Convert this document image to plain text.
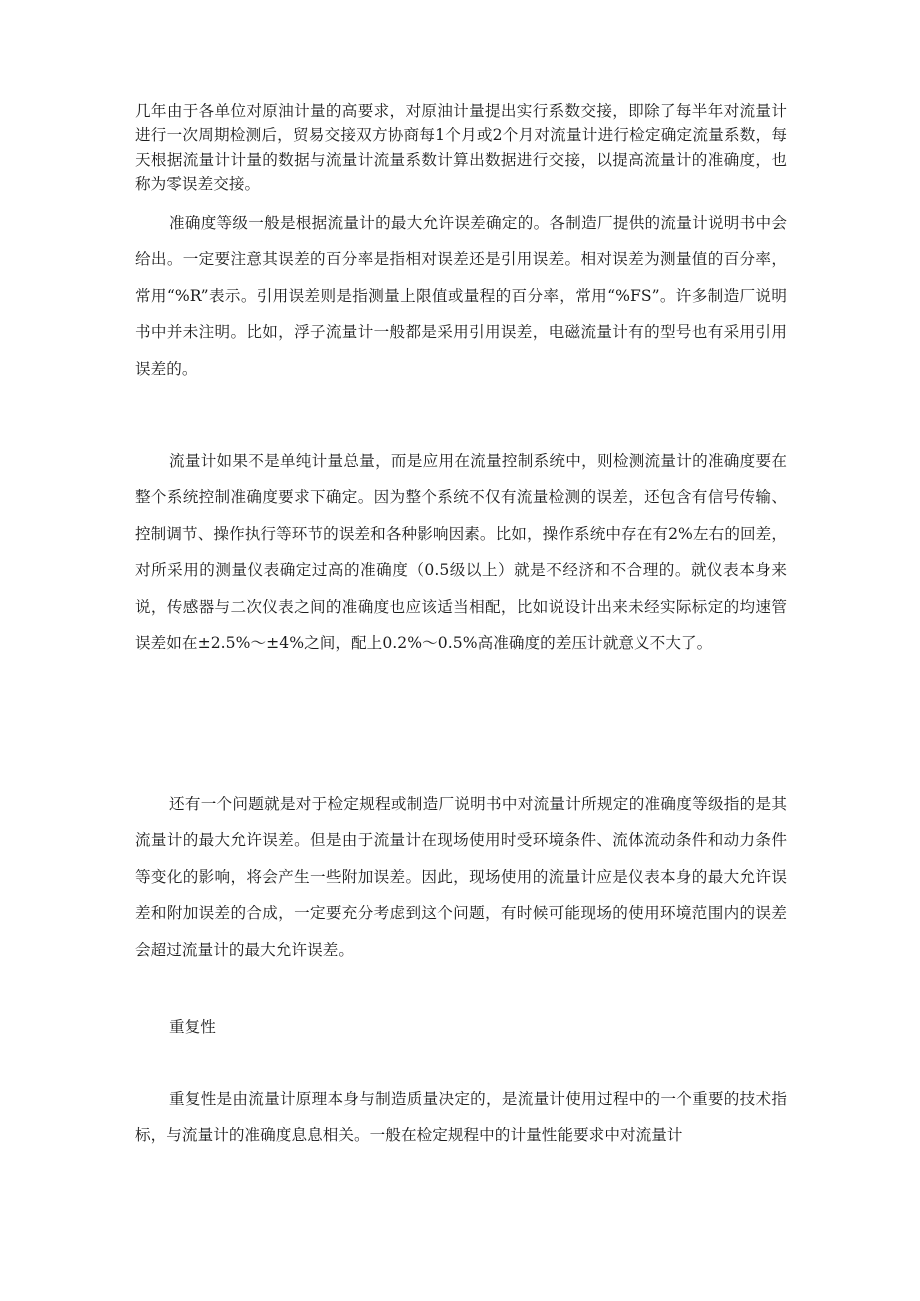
几年由于各单位对原油计量的高要求，对原油计量提出实行系数交接，即除了每半年对流量计进行一次周期检测后，贸易交接双方协商每1个月或2个月对流量计进行检定确定流量系数，每天根据流量计计量的数据与流量计流量系数计算出数据进行交接，以提高流量计的准确度，也称为零误差交接。

准确度等级一般是根据流量计的最大允许误差确定的。各制造厂提供的流量计说明书中会给出。一定要注意其误差的百分率是指相对误差还是引用误差。相对误差为测量值的百分率，常用“%R”表示。引用误差则是指测量上限值或量程的百分率，常用“%FS”。许多制造厂说明书中并未注明。比如，浮子流量计一般都是采用引用误差，电磁流量计有的型号也有采用引用误差的。

流量计如果不是单纯计量总量，而是应用在流量控制系统中，则检测流量计的准确度要在整个系统控制准确度要求下确定。因为整个系统不仅有流量检测的误差，还包含有信号传输、控制调节、操作执行等环节的误差和各种影响因素。比如，操作系统中存在有2%左右的回差，对所采用的测量仪表确定过高的准确度（0.5级以上）就是不经济和不合理的。就仪表本身来说，传感器与二次仪表之间的准确度也应该适当相配，比如说设计出来未经实际标定的均速管误差如在±2.5%～±4%之间，配上0.2%～0.5%高准确度的差压计就意义不大了。

还有一个问题就是对于检定规程或制造厂说明书中对流量计所规定的准确度等级指的是其流量计的最大允许误差。但是由于流量计在现场使用时受环境条件、流体流动条件和动力条件等变化的影响，将会产生一些附加误差。因此，现场使用的流量计应是仪表本身的最大允许误差和附加误差的合成，一定要充分考虑到这个问题，有时候可能现场的使用环境范围内的误差会超过流量计的最大允许误差。

重复性

重复性是由流量计原理本身与制造质量决定的，是流量计使用过程中的一个重要的技术指标，与流量计的准确度息息相关。一般在检定规程中的计量性能要求中对流量计
